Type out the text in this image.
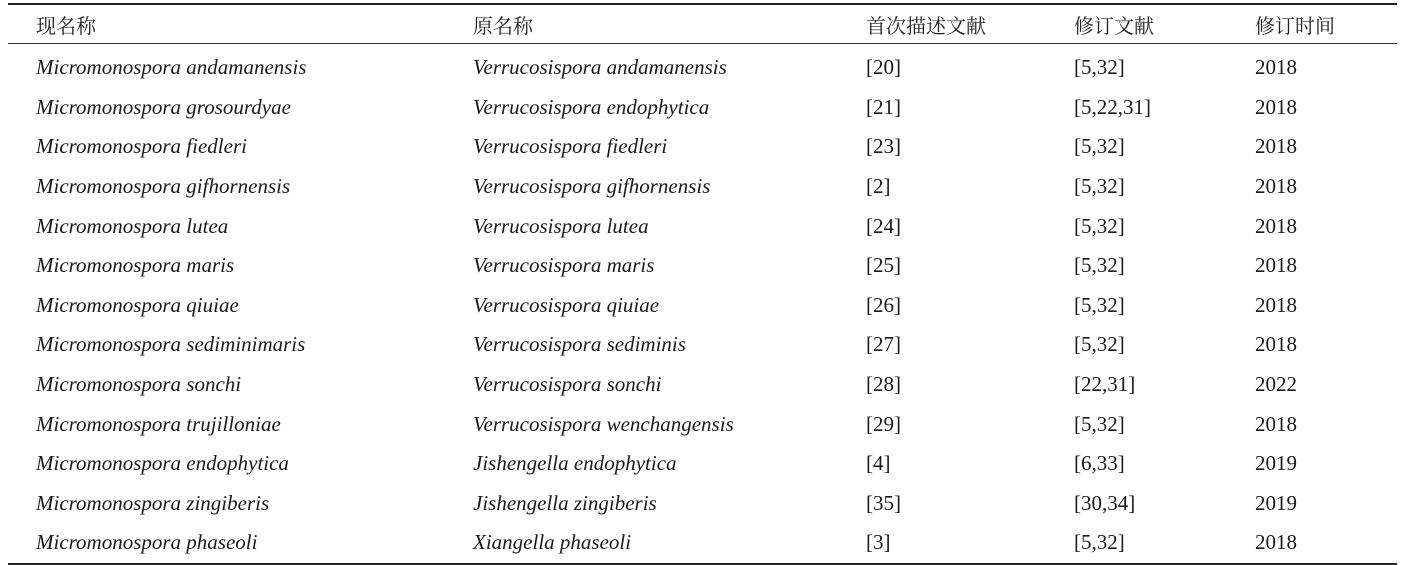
现名称	原名称	首次描述文献	修订文献	修订时间
Micromonospora andamanensis	Verrucosispora andamanensis	[20]	[5,32]	2018
Micromonospora grosourdyae	Verrucosispora endophytica	[21]	[5,22,31]	2018
Micromonospora fiedleri	Verrucosispora fiedleri	[23]	[5,32]	2018
Micromonospora gifhornensis	Verrucosispora gifhornensis	[2]	[5,32]	2018
Micromonospora lutea	Verrucosispora lutea	[24]	[5,32]	2018
Micromonospora maris	Verrucosispora maris	[25]	[5,32]	2018
Micromonospora qiuiae	Verrucosispora qiuiae	[26]	[5,32]	2018
Micromonospora sediminimaris	Verrucosispora sediminis	[27]	[5,32]	2018
Micromonospora sonchi	Verrucosispora sonchi	[28]	[22,31]	2022
Micromonospora trujilloniae	Verrucosispora wenchangensis	[29]	[5,32]	2018
Micromonospora endophytica	Jishengella endophytica	[4]	[6,33]	2019
Micromonospora zingiberis	Jishengella zingiberis	[35]	[30,34]	2019
Micromonospora phaseoli	Xiangella phaseoli	[3]	[5,32]	2018
